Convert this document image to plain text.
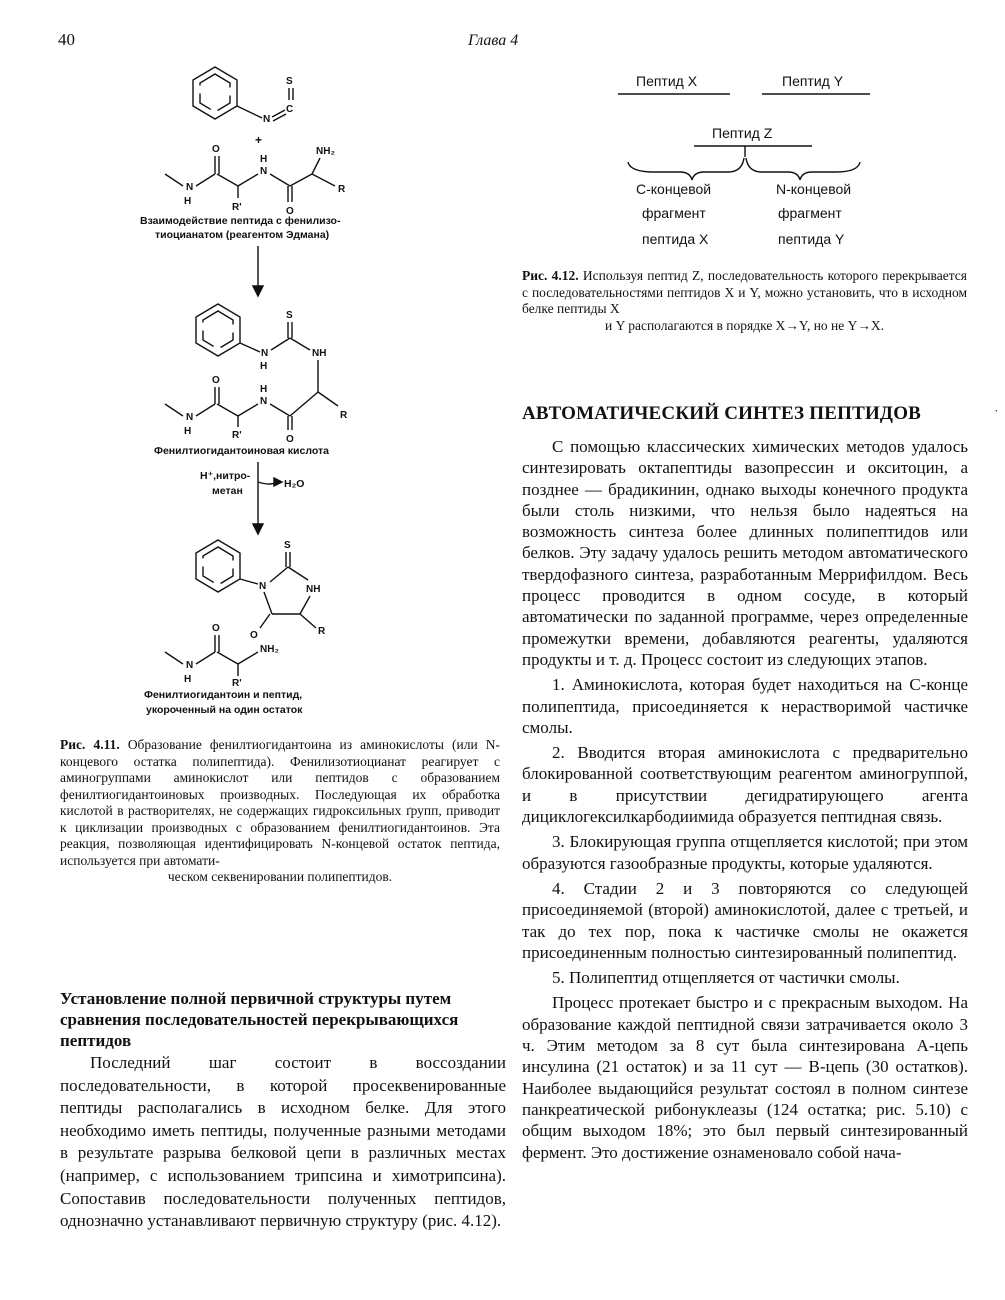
40	Глава 4
N
C
S
+
N
H
O
R'
N
H
O
NH₂
R
Взаимодействие пептида с фенилизо-
тиоцианатом (реагентом Эдмана)
N
H
S
NH
N
H
O
R'
N
H
O
R
Фенилтиогидантоиновая кислота
H⁺,нитро-
метан
H₂O
N
S
NH
R
O
N
H
O
R'
NH₂
Фенилтиогидантоин и пептид,
укороченный на один остаток
Рис. 4.11. Образование фенилтиогидантоина из аминокислоты (или N-концевого остатка полипептида). Фенилизотиоцианат реагирует с аминогруппами аминокислот или пептидов с образованием фенилтиогидантоиновых производных. Последующая их обработка кислотой в растворителях, не содержащих гидроксильных ґрупп, приводит к циклизации производных с образованием фенилтиогидантоинов. Эта реакция, позволяющая идентифицировать N-концевой остаток пептида, используется при автомати-
ческом секвенировании полипептидов.
Установление полной первичной структуры путем сравнения последовательностей перекрывающихся пептидов
Последний шаг состоит в воссоздании последовательности, в которой просеквенированные пептиды располагались в исходном белке. Для этого необходимо иметь пептиды, полученные разными методами в результате разрыва белковой цепи в различных местах (например, с использованием трипсина и химотрипсина). Сопоставив последовательности полученных пептидов, однозначно устанавливают первичную структуру (рис. 4.12).
Пептид X	Пептид Y
Пептид Z
С-концевой
фрагмент
пептида X
N-концевой
фрагмент
пептида Y
Рис. 4.12. Используя пептид Z, последовательность которого перекрывается с последовательностями пептидов X и Y, можно установить, что в исходном белке пептиды X
и Y располагаются в порядке X→Y, но не Y→X.
АВТОМАТИЧЕСКИЙ СИНТЕЗ ПЕПТИДОВ	˙

С помощью классических химических методов удалось синтезировать октапептиды вазопрессин и окситоцин, а позднее — брадикинин, однако выходы конечного продукта были столь низкими, что нельзя было надеяться на возможность синтеза более длинных полипептидов или белков. Эту задачу удалось решить методом автоматического твердофазного синтеза, разработанным Меррифилдом. Весь процесс проводится в одном сосуде, в который автоматически по заданной программе, через определенные промежутки времени, добавляются реагенты, удаляются продукты и т. д. Процесс состоит из следующих этапов.

1. Аминокислота, которая будет находиться на С-конце полипептида, присоединяется к нерастворимой частичке смолы.

2. Вводится вторая аминокислота с предварительно блокированной соответствующим реагентом аминогруппой, и в присутствии дегидратирующего агента дициклогексилкарбодиимида образуется пептидная связь.

3. Блокирующая группа отщепляется кислотой; при этом образуются газообразные продукты, которые удаляются.

4. Стадии 2 и 3 повторяются со следующей присоединяемой (второй) аминокислотой, далее с третьей, и так до тех пор, пока к частичке смолы не окажется присоединенным полностью синтезированный полипептид.

5. Полипептид отщепляется от частички смолы.

Процесс протекает быстро и с прекрасным выходом. На образование каждой пептидной связи затрачивается около 3 ч. Этим методом за 8 сут была синтезирована А-цепь инсулина (21 остаток) и за 11 сут — В-цепь (30 остатков). Наиболее выдающийся результат состоял в полном синтезе панкреатической рибонуклеазы (124 остатка; рис. 5.10) с общим выходом 18%; это был первый синтезированный фермент. Это достижение ознаменовало собой нача-
